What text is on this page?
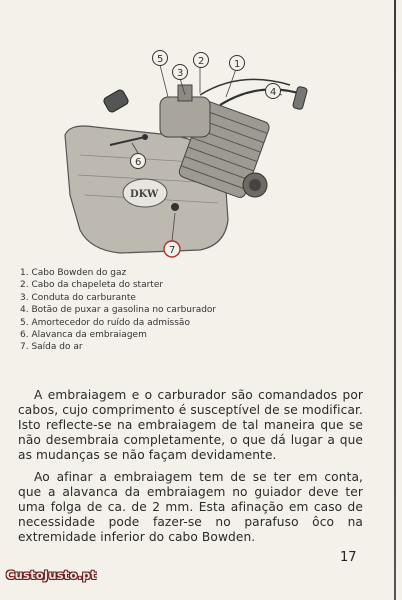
DKW
1
2
3
4
5
6
7
1. Cabo Bowden do gaz
2. Cabo da chapeleta do starter
3. Conduta do carburante
4. Botão de puxar a gasolina no carburador
5. Amortecedor do ruído da admissão
6. Alavanca da embraiagem
7. Saída do ar

A embraiagem e o carburador são comandados por cabos, cujo comprimento é susceptível de se modificar. Isto reflecte-se na embraiagem de tal maneira que se não desembraia completamente, o que dá lugar a que as mudanças se não façam devidamente.

Ao afinar a embraiagem tem de se ter em conta, que a alavanca da embraiagem no guiador deve ter uma folga de ca. de 2 mm. Esta afinação em caso de necessidade pode fazer-se no parafuso ôco na extremidade inferior do cabo Bowden.

17
CustoJusto.pt
